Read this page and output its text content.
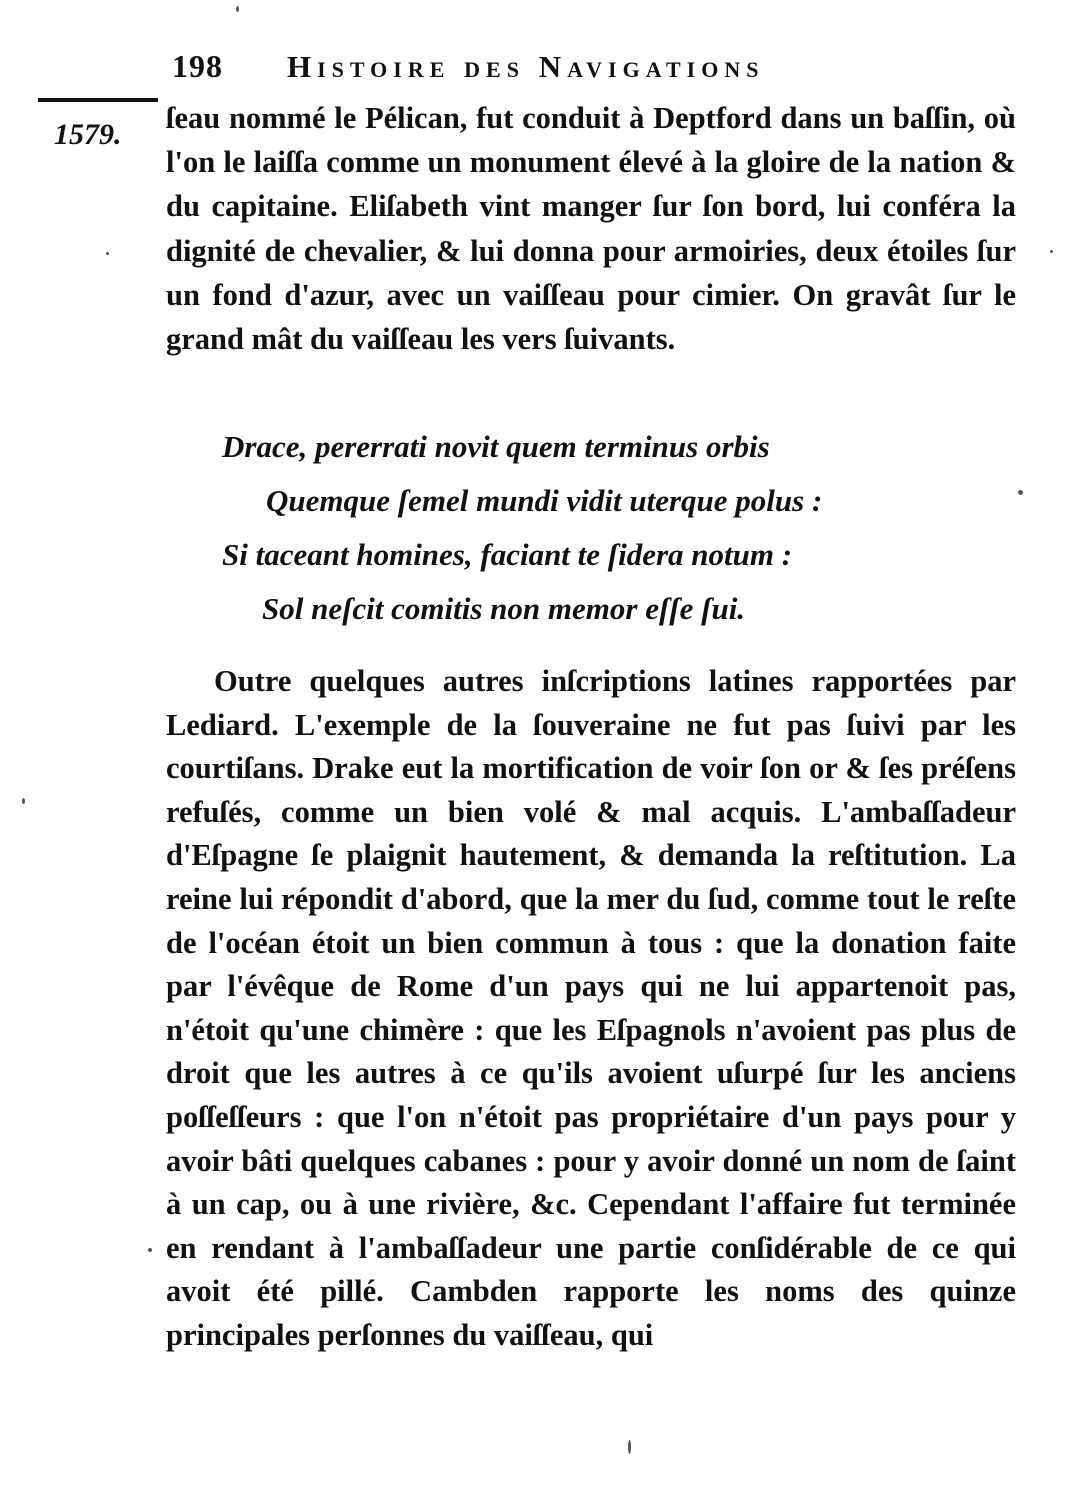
198 Histoire des Navigations
1579. ſeau nommé le Pélican, fut conduit à Deptford dans un baſſin, où l'on le laiſſa comme un monument élevé à la gloire de la nation & du capitaine. Eliſabeth vint manger ſur ſon bord, lui conféra la dignité de chevalier, & lui donna pour armoiries, deux étoiles ſur un fond d'azur, avec un vaiſſeau pour cimier. On gravât ſur le grand mât du vaiſſeau les vers ſuivants.

Drace, pererrati novit quem terminus orbis
Quemque ſemel mundi vidit uterque polus :
Si taceant homines, faciant te ſidera notum :
Sol neſcit comitis non memor eſſe ſui.

Outre quelques autres inſcriptions latines rapportées par Lediard. L'exemple de la ſouveraine ne fut pas ſuivi par les courtiſans. Drake eut la mortification de voir ſon or & ſes préſens refuſés, comme un bien volé & mal acquis. L'ambaſſadeur d'Eſpagne ſe plaignit hautement, & demanda la reſtitution. La reine lui répondit d'abord, que la mer du ſud, comme tout le reſte de l'océan étoit un bien commun à tous : que la donation faite par l'évêque de Rome d'un pays qui ne lui appartenoit pas, n'étoit qu'une chimère : que les Eſpagnols n'avoient pas plus de droit que les autres à ce qu'ils avoient uſurpé ſur les anciens poſſeſſeurs : que l'on n'étoit pas propriétaire d'un pays pour y avoir bâti quelques cabanes : pour y avoir donné un nom de ſaint à un cap, ou à une rivière, &c. Cependant l'affaire fut terminée en rendant à l'ambaſſadeur une partie conſidérable de ce qui avoit été pillé. Cambden rapporte les noms des quinze principales perſonnes du vaiſſeau, qui
